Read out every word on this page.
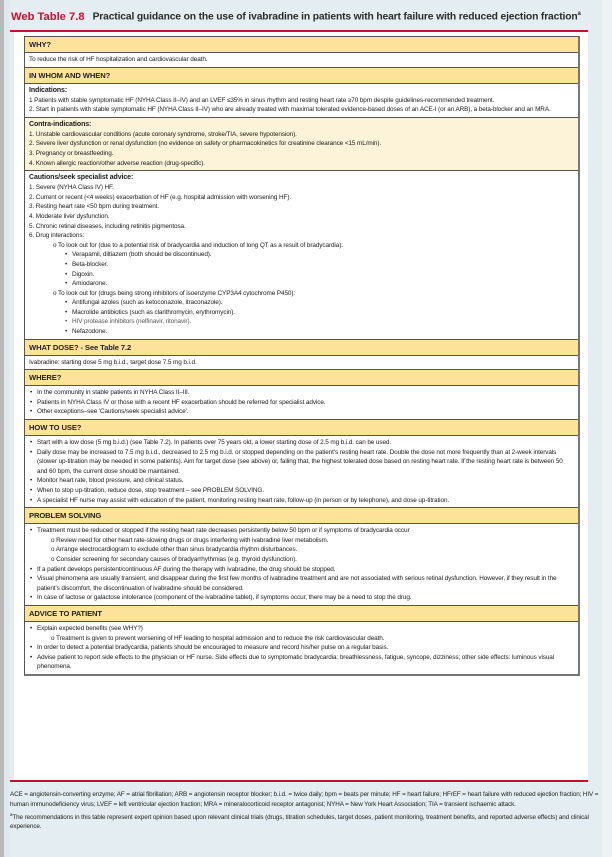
Web Table 7.8 Practical guidance on the use of ivabradine in patients with heart failure with reduced ejection fraction$^a$
WHY?
To reduce the risk of HF hospitalization and cardiovascular death.
IN WHOM AND WHEN?
Indications:
1 Patients with stable symptomatic HF (NYHA Class II–IV) and an LVEF ≤35% in sinus rhythm and resting heart rate ≥70 bpm despite guidelines-recommended treatment.
2. Start in patients with stable symptomatic HF (NYHA Class II–IV) who are already treated with maximal tolerated evidence-based doses of an ACE-I (or an ARB), a beta-blocker and an MRA.
Contra-indications:
1. Unstable cardiovascular conditions (acute coronary syndrome, stroke/TIA, severe hypotension).
2. Severe liver dysfunction or renal dysfunction (no evidence on safety or pharmacokinetics for creatinine clearance <15 mL/min).
3. Pregnancy or breastfeeding.
4. Known allergic reaction/other adverse reaction (drug-specific).
Cautions/seek specialist advice:
1. Severe (NYHA Class IV) HF.
2. Current or recent (<4 weeks) exacerbation of HF (e.g. hospital admission with worsening HF).
3. Resting heart rate <50 bpm during treatment.
4. Moderate liver dysfunction.
5. Chronic retinal diseases, including retinitis pigmentosa.
6. Drug interactions:
o To look out for (due to a potential risk of bradycardia and induction of long QT as a result of bradycardia):
• Verapamil, diltiazem (both should be discontinued).
• Beta-blocker.
• Digoxin.
• Amiodarone.
o To look out for (drugs being strong inhibitors of isoenzyme CYP3A4 cytochrome P450):
• Antifungal azoles (such as ketoconazole, itraconazole).
• Macrolide antibiotics (such as clarithromycin, erythromycin).
• HIV protease inhibitors (nelfinavir, ritonavir).
• Nefazodone.
WHAT DOSE? - See Table 7.2
Ivabradine: starting dose 5 mg b.i.d., target dose 7.5 mg b.i.d.
WHERE?
• In the community in stable patients in NYHA Class II–III.
• Patients in NYHA Class IV or those with a recent HF exacerbation should be referred for specialist advice.
• Other exceptions–see 'Cautions/seek specialist advice'.
HOW TO USE?
• Start with a low dose (5 mg b.i.d.) (see Table 7.2). In patients over 75 years old, a lower starting dose of 2.5 mg b.i.d. can be used.
• Daily dose may be increased to 7.5 mg b.i.d., decreased to 2.5 mg b.i.d. or stopped depending on the patient's resting heart rate. Double the dose not more frequently than at 2-week intervals (slower up-titration may be needed in some patients). Aim for target dose (see above) or, failing that, the highest tolerated dose based on resting heart rate. If the resting heart rate is between 50 and 60 bpm, the current dose should be maintained.
• Monitor heart rate, blood pressure, and clinical status.
• When to stop up-titration, reduce dose, stop treatment – see PROBLEM SOLVING.
• A specialist HF nurse may assist with education of the patient, monitoring resting heart rate, follow-up (in person or by telephone), and dose up-titration.
PROBLEM SOLVING
• Treatment must be reduced or stopped if the resting heart rate decreases persistently below 50 bpm or if symptoms of bradycardia occur
o Review need for other heart rate-slowing drugs or drugs interfering with ivabradine liver metabolism.
o Arrange electrocardiogram to exclude other than sinus bradycardia rhythm disturbances.
o Consider screening for secondary causes of bradyarrhythmias (e.g. thyroid dysfunction).
• If a patient develops persistent/continuous AF during the therapy with ivabradine, the drug should be stopped.
• Visual phenomena are usually transient, and disappear during the first few months of ivabradine treatment and are not associated with serious retinal dysfunction. However, if they result in the patient's discomfort, the discontinuation of ivabradine should be considered.
• In case of lactose or galactose intolerance (component of the ivabradine tablet), if symptoms occur, there may be a need to stop the drug.
ADVICE TO PATIENT
• Explain expected benefits (see WHY?)
o Treatment is given to prevent worsening of HF leading to hospital admission and to reduce the risk cardiovascular death.
• In order to detect a potential bradycardia, patients should be encouraged to measure and record his/her pulse on a regular basis.
• Advise patient to report side effects to the physician or HF nurse. Side effects due to symptomatic bradycardia: breathlessness, fatigue, syncope, dizziness; other side effects: luminous visual phenomena.
ACE = angiotensin-converting enzyme; AF = atrial fibrillation; ARB = angiotensin receptor blocker; b.i.d. = twice daily; bpm = beats per minute; HF = heart failure; HFrEF = heart failure with reduced ejection fraction; HIV = human immunodeficiency virus; LVEF = left ventricular ejection fraction; MRA = mineralocorticoid receptor antagonist; NYHA = New York Heart Association; TIA = transient ischaemic attack.
$^a$The recommendations in this table represent expert opinion based upon relevant clinical trials (drugs, titration schedules, target doses, patient monitoring, treatment benefits, and reported adverse effects) and clinical experience.
